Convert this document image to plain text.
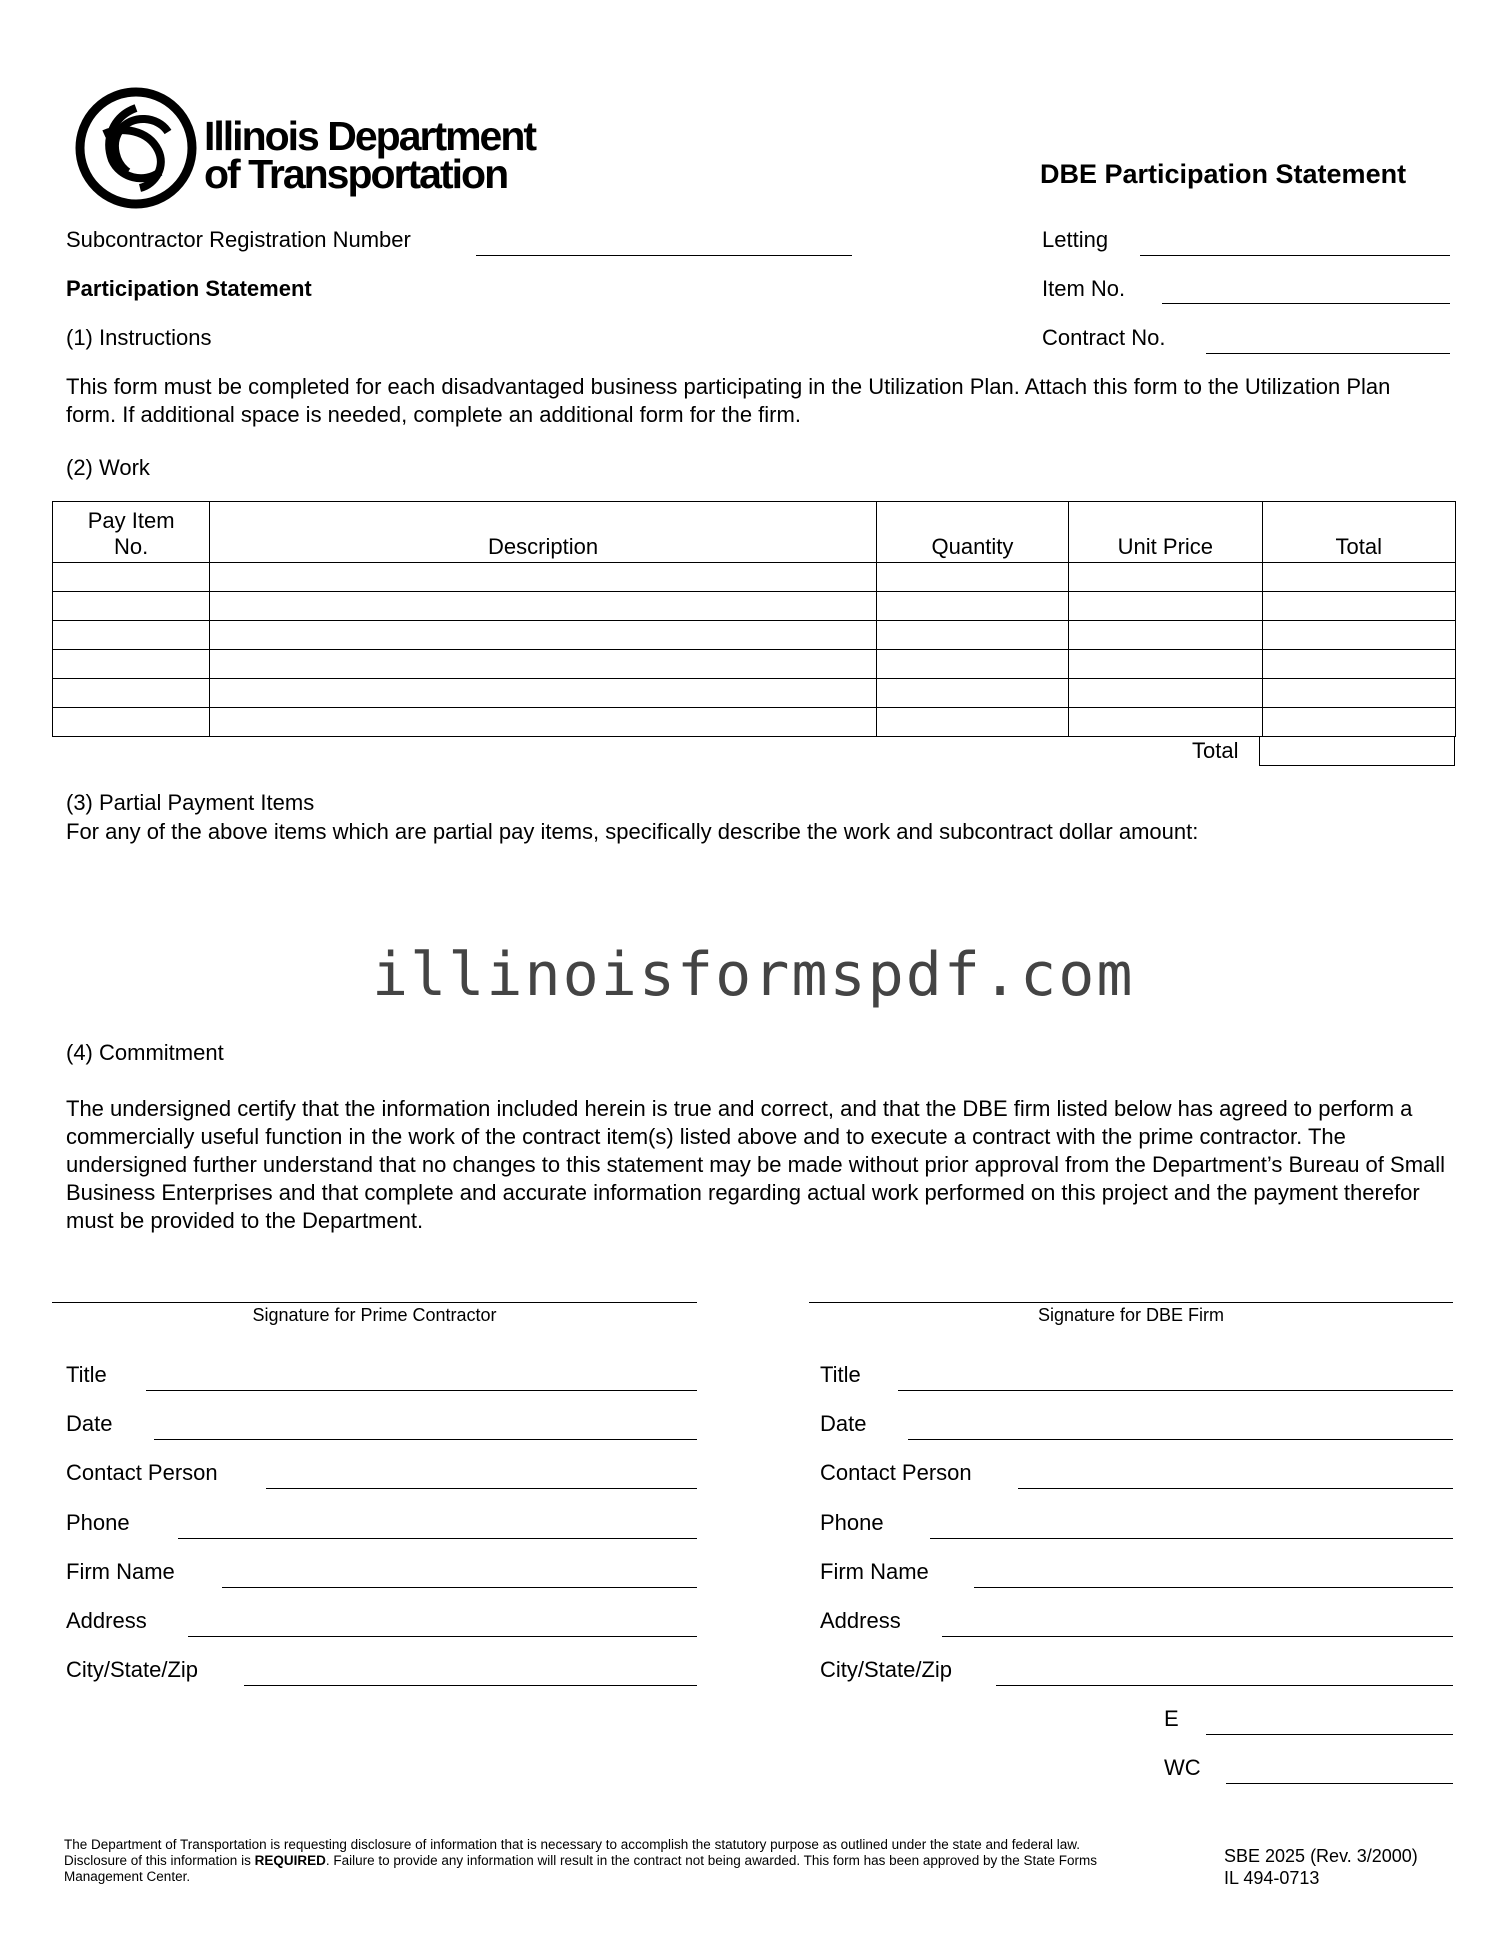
Illinois Department
of Transportation	DBE Participation Statement
Subcontractor Registration Number	Letting
Participation Statement	Item No.
(1) Instructions	Contract No.
This form must be completed for each disadvantaged business participating in the Utilization Plan. Attach this form to the Utilization Plan form. If additional space is needed, complete an additional form for the firm.
(2) Work
Pay Item
No.	Description	Quantity	Unit Price	Total

Total
(3) Partial Payment Items
For any of the above items which are partial pay items, specifically describe the work and subcontract dollar amount:
illinoisformspdf.com
(4) Commitment
The undersigned certify that the information included herein is true and correct, and that the DBE firm listed below has agreed to perform a commercially useful function in the work of the contract item(s) listed above and to execute a contract with the prime contractor. The undersigned further understand that no changes to this statement may be made without prior approval from the Department’s Bureau of Small Business Enterprises and that complete and accurate information regarding actual work performed on this project and the payment therefor must be provided to the Department.
Signature for Prime Contractor	Signature for DBE Firm
Title
Date
Contact Person
Phone
Firm Name
Address
City/State/Zip
Title
Date
Contact Person
Phone
Firm Name
Address
City/State/Zip
E
WC
The Department of Transportation is requesting disclosure of information that is necessary to accomplish the statutory purpose as outlined under the state and federal law. Disclosure of this information is REQUIRED. Failure to provide any information will result in the contract not being awarded. This form has been approved by the State Forms Management Center.
SBE 2025 (Rev. 3/2000)
IL 494-0713
